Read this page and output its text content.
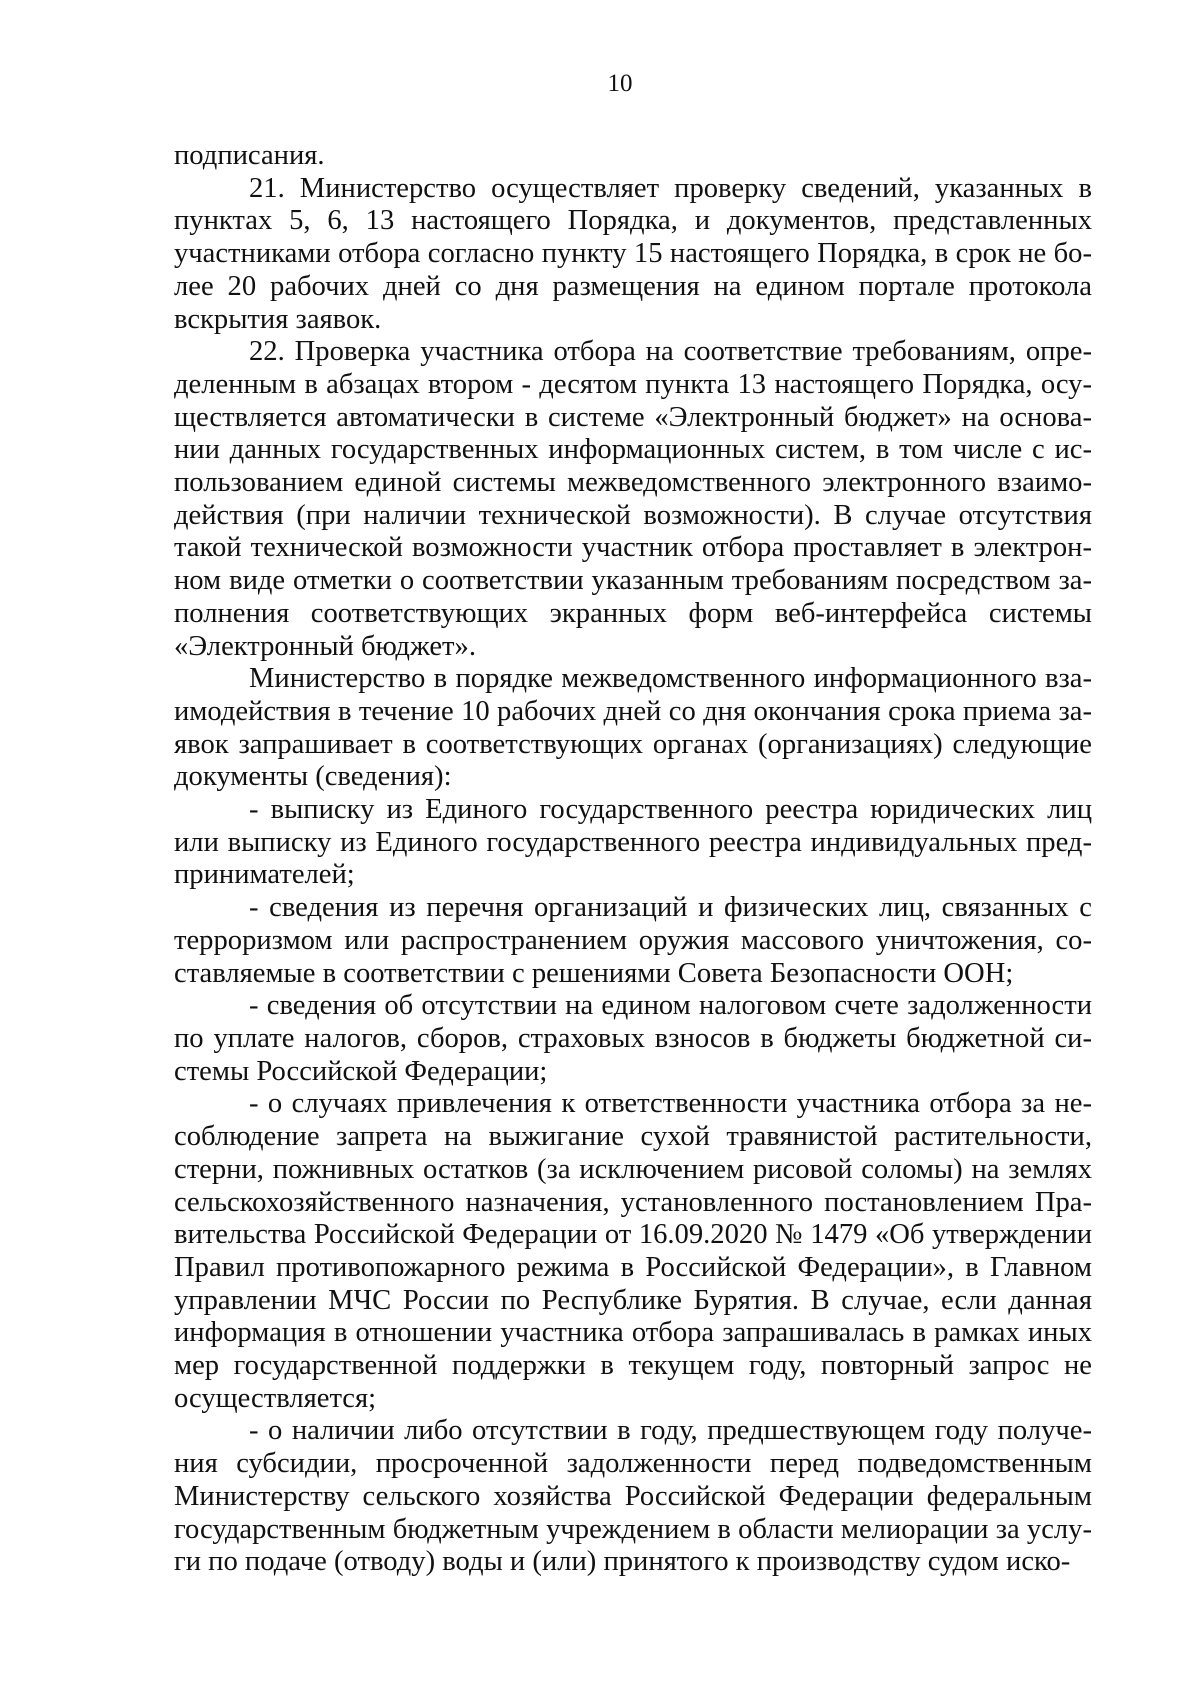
10

подписания.

21. Министерство осуществляет проверку сведений, указанных в пунктах 5, 6, 13 настоящего Порядка, и документов, представленных участниками отбора согласно пункту 15 настоящего Порядка, в срок не более 20 рабочих дней со дня размещения на едином портале протокола вскрытия заявок.

22. Проверка участника отбора на соответствие требованиям, определенным в абзацах втором - десятом пункта 13 настоящего Порядка, осуществляется автоматически в системе «Электронный бюджет» на основании данных государственных информационных систем, в том числе с использованием единой системы межведомственного электронного взаимодействия (при наличии технической возможности). В случае отсутствия такой технической возможности участник отбора проставляет в электронном виде отметки о соответствии указанным требованиям посредством заполнения соответствующих экранных форм веб-интерфейса системы «Электронный бюджет».

Министерство в порядке межведомственного информационного взаимодействия в течение 10 рабочих дней со дня окончания срока приема заявок запрашивает в соответствующих органах (организациях) следующие документы (сведения):

- выписку из Единого государственного реестра юридических лиц или выписку из Единого государственного реестра индивидуальных предпринимателей;

- сведения из перечня организаций и физических лиц, связанных с терроризмом или распространением оружия массового уничтожения, составляемые в соответствии с решениями Совета Безопасности ООН;

- сведения об отсутствии на едином налоговом счете задолженности по уплате налогов, сборов, страховых взносов в бюджеты бюджетной системы Российской Федерации;

- о случаях привлечения к ответственности участника отбора за несоблюдение запрета на выжигание сухой травянистой растительности, стерни, пожнивных остатков (за исключением рисовой соломы) на землях сельскохозяйственного назначения, установленного постановлением Правительства Российской Федерации от 16.09.2020 № 1479 «Об утверждении Правил противопожарного режима в Российской Федерации», в Главном управлении МЧС России по Республике Бурятия. В случае, если данная информация в отношении участника отбора запрашивалась в рамках иных мер государственной поддержки в текущем году, повторный запрос не осуществляется;

- о наличии либо отсутствии в году, предшествующем году получения субсидии, просроченной задолженности перед подведомственным Министерству сельского хозяйства Российской Федерации федеральным государственным бюджетным учреждением в области мелиорации за услуги по подаче (отводу) воды и (или) принятого к производству судом иско-
